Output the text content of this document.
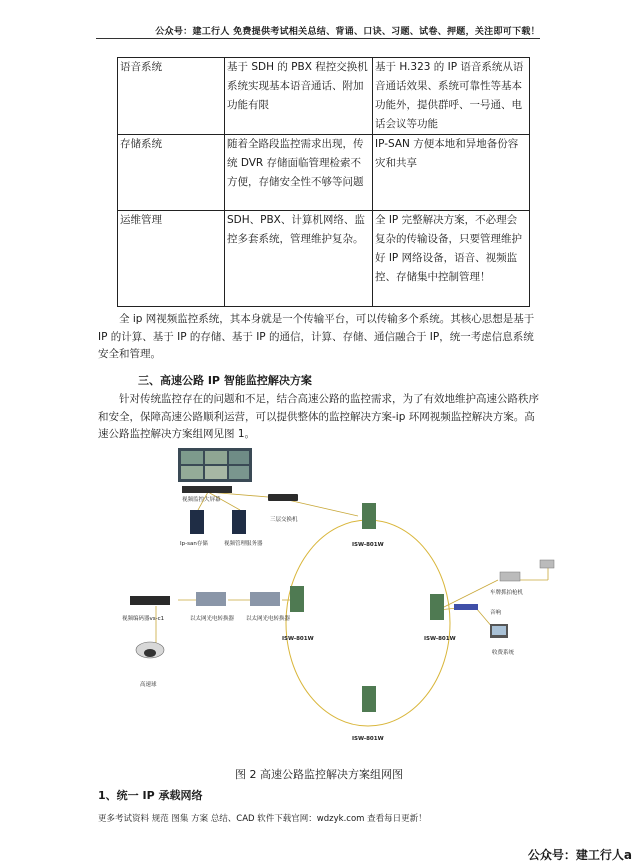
公众号：建工行人 免费提供考试相关总结、背诵、口诀、习题、试卷、押题，关注即可下载！
语音系统	基于 SDH 的 PBX 程控交换机系统实现基本语音通话、附加功能有限	基于 H.323 的 IP 语音系统从语音通话效果、系统可靠性等基本功能外，提供群呼、一号通、电话会议等功能
存储系统	随着全路段监控需求出现，传统 DVR 存储面临管理检索不方便，存储安全性不够等问题	IP-SAN 方便本地和异地备份容灾和共享
运维管理	SDH、PBX、计算机网络、监控多套系统，管理维护复杂。	全 IP 完整解决方案，不必理会复杂的传输设备，只要管理维护好 IP 网络设备，语音、视频监控、存储集中控制管理！

全 ip 网视频监控系统，其本身就是一个传输平台，可以传输多个系统。其核心思想是基于 IP 的计算、基于 IP 的存储、基于 IP 的通信，计算、存储、通信融合于 IP，统一考虑信息系统安全和管理。

三、高速公路 IP 智能监控解决方案

针对传统监控存在的问题和不足，结合高速公路的监控需求，为了有效地维护高速公路秩序和安全，保障高速公路顺利运营，可以提供整体的监控解决方案-ip 环网视频监控解决方案。高速公路监控解决方案组网见图 1。

视频监控大屏幕
三层交换机
Ip-san存储	视频管理服务器	ISW-801W
ISW-801W	ISW-801W
ISW-801W
视频编码器vs-c1	以太网光电转换器 以太网光电转换器
高速球
车牌抓拍枪机
音响
收费系统
图 2 高速公路监控解决方案组网图
1、统一 IP 承载网络
更多考试资料 规范 图集 方案 总结、CAD 软件下载官网：wdzyk.com 查看每日更新！
公众号：建工行人a
